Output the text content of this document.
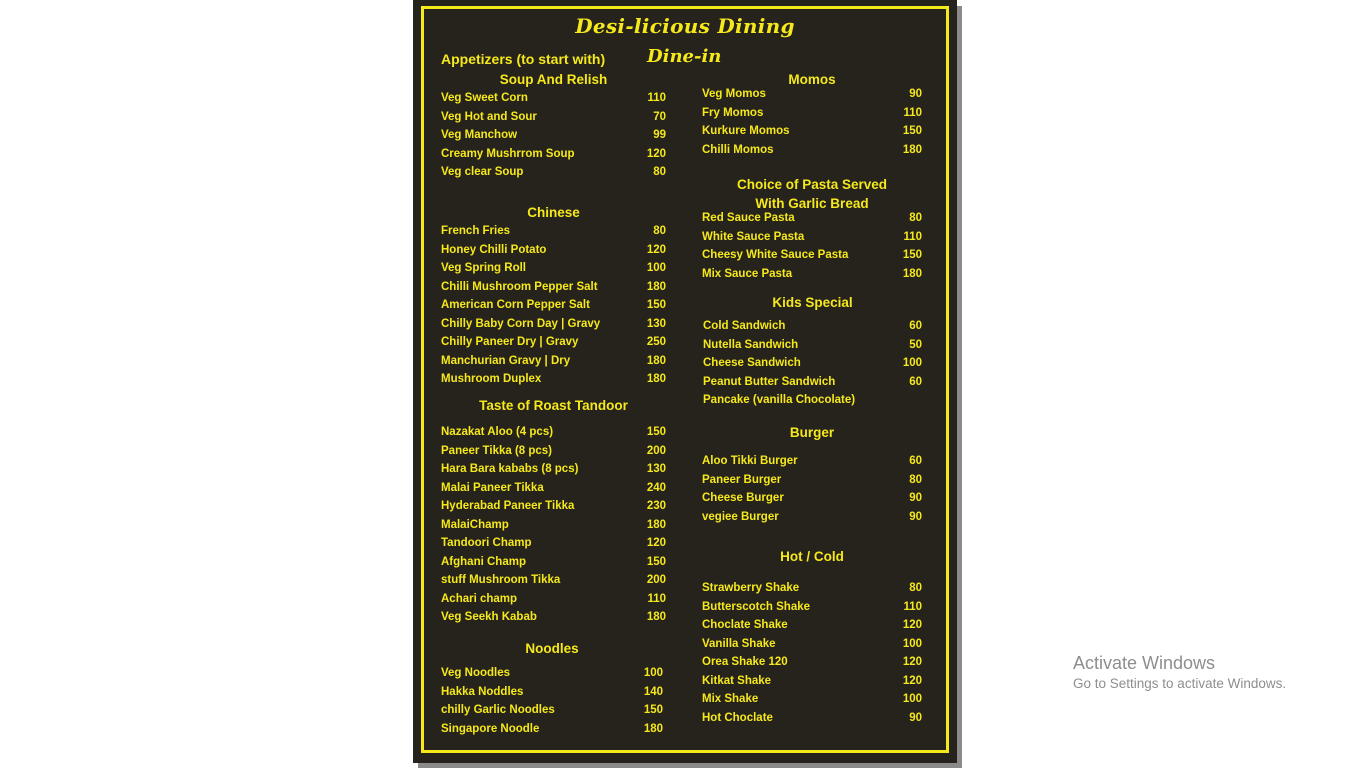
Desi-licious Dining
Dine-in
Appetizers (to start with)
Soup And Relish
Veg Sweet Corn	110
Veg Hot and Sour	70
Veg Manchow	99
Creamy Mushrrom Soup	120
Veg clear Soup	80
Chinese
French Fries	80
Honey Chilli Potato	120
Veg Spring Roll	100
Chilli Mushroom Pepper Salt	180
American Corn Pepper Salt	150
Chilly Baby Corn Day | Gravy	130
Chilly Paneer Dry | Gravy	250
Manchurian Gravy | Dry	180
Mushroom Duplex	180
Taste of Roast Tandoor
Nazakat Aloo (4 pcs)	150
Paneer Tikka (8 pcs)	200
Hara Bara kababs (8 pcs)	130
Malai Paneer Tikka	240
Hyderabad Paneer Tikka	230
MalaiChamp	180
Tandoori Champ	120
Afghani Champ	150
stuff Mushroom Tikka	200
Achari champ	110
Veg Seekh Kabab	180
Noodles
Veg Noodles	100
Hakka Noddles	140
chilly Garlic Noodles	150
Singapore Noodle	180
Momos
Veg Momos	90
Fry Momos	110
Kurkure Momos	150
Chilli Momos	180
Choice of Pasta Served
With Garlic Bread
Red Sauce Pasta	80
White Sauce Pasta	110
Cheesy White Sauce Pasta	150
Mix Sauce Pasta	180
Kids Special
Cold Sandwich	60
Nutella Sandwich	50
Cheese Sandwich	100
Peanut Butter Sandwich	60
Pancake (vanilla Chocolate)
Burger
Aloo Tikki Burger	60
Paneer Burger	80
Cheese Burger	90
vegiee Burger	90
Hot / Cold
Strawberry Shake	80
Butterscotch Shake	110
Choclate Shake	120
Vanilla Shake	100
Orea Shake 120	120
Kitkat Shake	120
Mix Shake	100
Hot Choclate	90
Activate Windows
Go to Settings to activate Windows.
